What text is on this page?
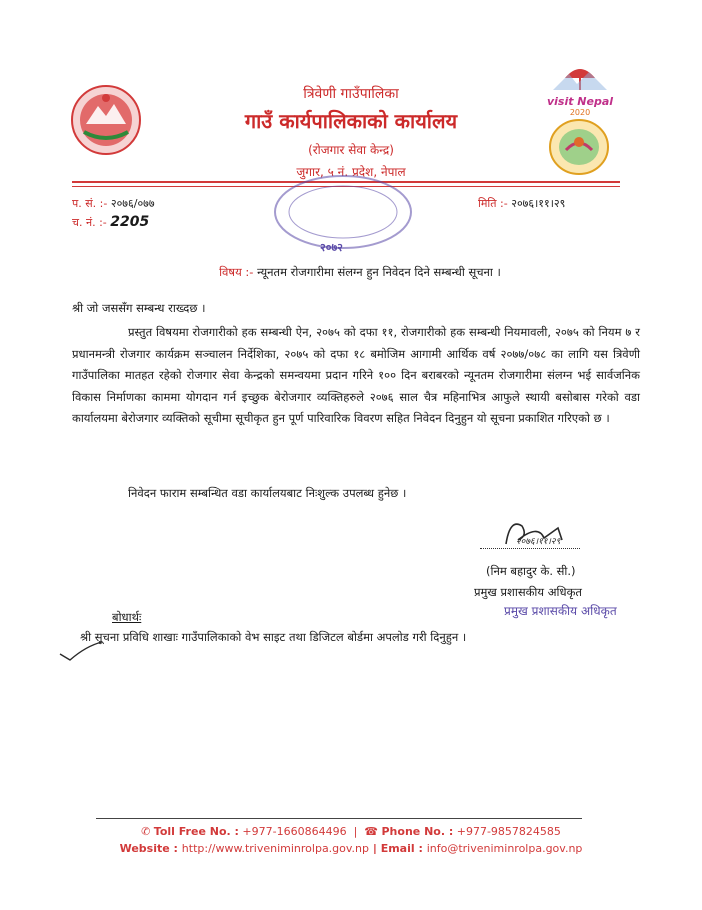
visit Nepal
2020
त्रिवेणी गाउँपालिका
गाउँ कार्यपालिकाको कार्यालय
(रोजगार सेवा केन्द्र)
जुगार, ५ नं. प्रदेश, नेपाल
२०७२
प. सं. :- २०७६/०७७
च. नं. :- 2205
मिति :- २०७६।११।२९
विषय :- न्यूनतम रोजगारीमा संलग्न हुन निवेदन दिने सम्बन्धी सूचना ।
श्री जो जससँग सम्बन्ध राख्दछ ।

प्रस्तुत विषयमा रोजगारीको हक सम्बन्धी ऐन, २०७५ को दफा ११, रोजगारीको हक सम्बन्धी नियमावली, २०७५ को नियम ७ र प्रधानमन्त्री रोजगार कार्यक्रम सञ्चालन निर्देशिका, २०७५ को दफा १८ बमोजिम आगामी आर्थिक वर्ष २०७७/०७८ का लागि यस त्रिवेणी गाउँपालिका मातहत रहेको रोजगार सेवा केन्द्रको समन्वयमा प्रदान गरिने १०० दिन बराबरको न्यूनतम रोजगारीमा संलग्न भई सार्वजनिक विकास निर्माणका काममा योगदान गर्न इच्छुक बेरोजगार व्यक्तिहरुले २०७६ साल चैत्र महिनाभित्र आफुले स्थायी बसोबास गरेको वडा कार्यालयमा बेरोजगार व्यक्तिको सूचीमा सूचीकृत हुन पूर्ण पारिवारिक विवरण सहित निवेदन दिनुहुन यो सूचना प्रकाशित गरिएको छ ।

निवेदन फाराम सम्बन्धित वडा कार्यालयबाट निःशुल्क उपलब्ध हुनेछ ।

२०७६।११।२९
(निम बहादुर के. सी.)
प्रमुख प्रशासकीय अधिकृत
प्रमुख प्रशासकीय अधिकृत
बोधार्थः
श्री सूचना प्रविधि शाखाः गाउँपालिकाको वेभ साइट तथा डिजिटल बोर्डमा अपलोड गरी दिनुहुन ।
✆ Toll Free No. : +977-1660864496  |  ☎ Phone No. : +977-9857824585
Website : http://www.triveniminrolpa.gov.np | Email : info@triveniminrolpa.gov.np
